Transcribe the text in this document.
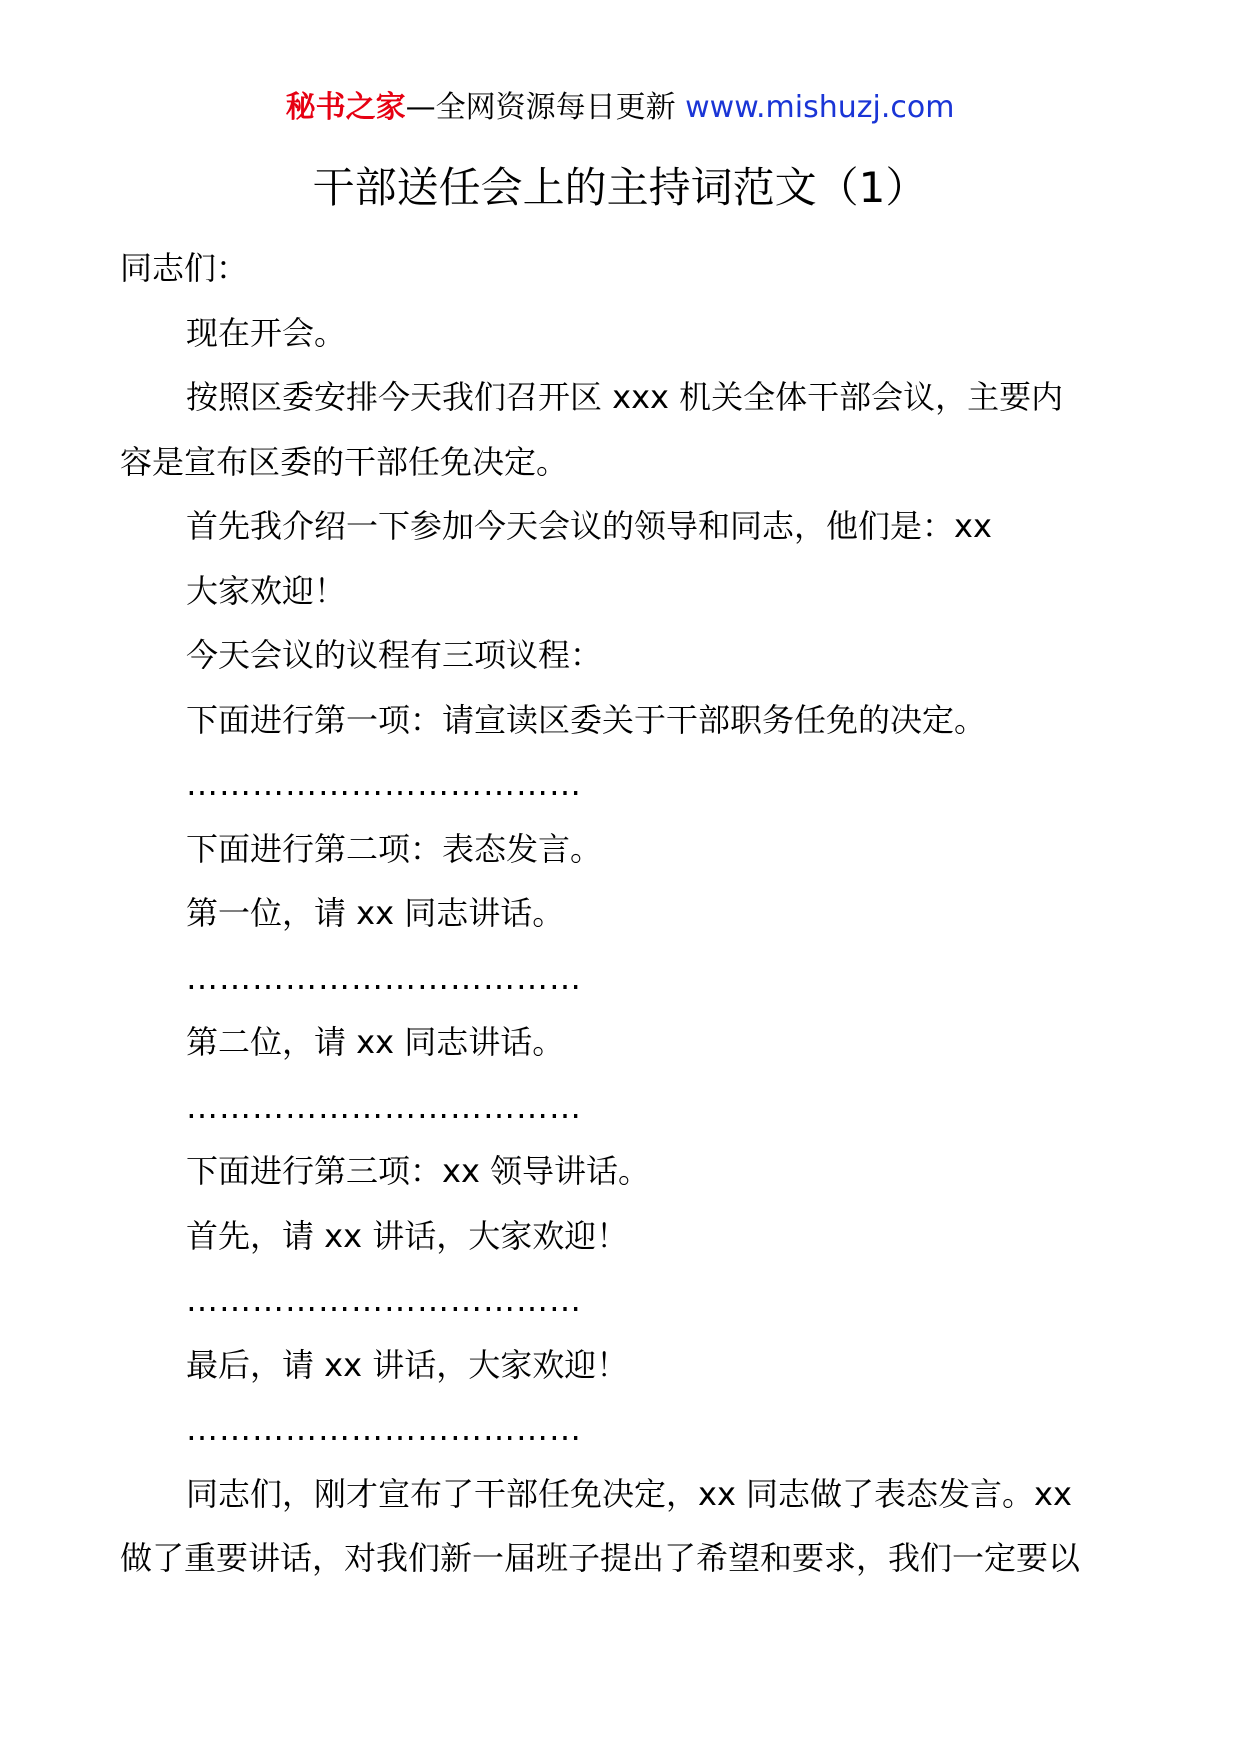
秘书之家—全网资源每日更新 www.mishuzj.com
干部送任会上的主持词范文（1）
同志们：
现在开会。
按照区委安排今天我们召开区 xxx 机关全体干部会议，主要内
容是宣布区委的干部任免决定。
首先我介绍一下参加今天会议的领导和同志，他们是：xx
大家欢迎！
今天会议的议程有三项议程：
下面进行第一项：请宣读区委关于干部职务任免的决定。
………………………………
下面进行第二项：表态发言。
第一位，请 xx 同志讲话。
………………………………
第二位，请 xx 同志讲话。
………………………………
下面进行第三项：xx 领导讲话。
首先，请 xx 讲话，大家欢迎！
………………………………
最后，请 xx 讲话，大家欢迎！
………………………………
同志们，刚才宣布了干部任免决定，xx 同志做了表态发言。xx
做了重要讲话，对我们新一届班子提出了希望和要求，我们一定要以
